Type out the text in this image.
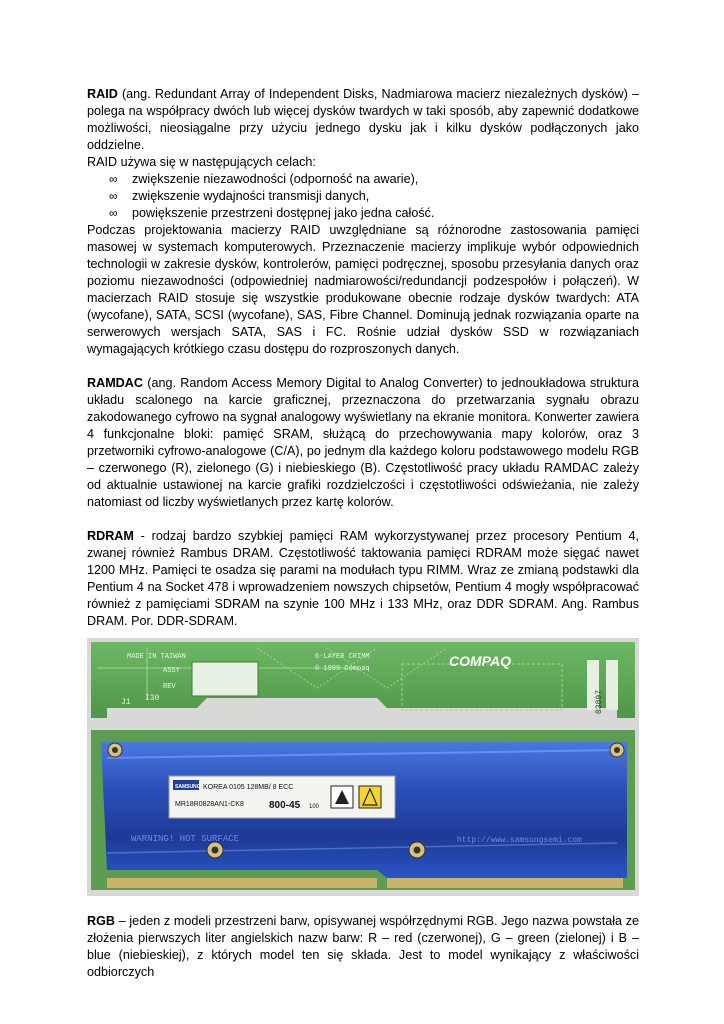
RAID (ang. Redundant Array of Independent Disks, Nadmiarowa macierz niezależnych dysków) – polega na współpracy dwóch lub więcej dysków twardych w taki sposób, aby zapewnić dodatkowe możliwości, nieosiągalne przy użyciu jednego dysku jak i kilku dysków podłączonych jako oddzielne.

RAID używa się w następujących celach:

∞ zwiększenie niezawodności (odporność na awarie),
∞ zwiększenie wydajności transmisji danych,
∞ powiększenie przestrzeni dostępnej jako jedna całość.

Podczas projektowania macierzy RAID uwzględniane są różnorodne zastosowania pamięci masowej w systemach komputerowych. Przeznaczenie macierzy implikuje wybór odpowiednich technologii w zakresie dysków, kontrolerów, pamięci podręcznej, sposobu przesyłania danych oraz poziomu niezawodności (odpowiedniej nadmiarowości/redundancji podzespołów i połączeń). W macierzach RAID stosuje się wszystkie produkowane obecnie rodzaje dysków twardych: ATA (wycofane), SATA, SCSI (wycofane), SAS, Fibre Channel. Dominują jednak rozwiązania oparte na serwerowych wersjach SATA, SAS i FC. Rośnie udział dysków SSD w rozwiązaniach wymagających krótkiego czasu dostępu do rozproszonych danych.

RAMDAC (ang. Random Access Memory Digital to Analog Converter) to jednoukładowa struktura układu scalonego na karcie graficznej, przeznaczona do przetwarzania sygnału obrazu zakodowanego cyfrowo na sygnał analogowy wyświetlany na ekranie monitora. Konwerter zawiera 4 funkcjonalne bloki: pamięć SRAM, służącą do przechowywania mapy kolorów, oraz 3 przetworniki cyfrowo-analogowe (C/A), po jednym dla każdego koloru podstawowego modelu RGB – czerwonego (R), zielonego (G) i niebieskiego (B). Częstotliwość pracy układu RAMDAC zależy od aktualnie ustawionej na karcie grafiki rozdzielczości i częstotliwości odświeżania, nie zależy natomiast od liczby wyświetlanych przez kartę kolorów.

RDRAM - rodzaj bardzo szybkiej pamięci RAM wykorzystywanej przez procesory Pentium 4, zwanej również Rambus DRAM. Częstotliwość taktowania pamięci RDRAM może sięgać nawet 1200 MHz. Pamięci te osadza się parami na modułach typu RIMM. Wraz ze zmianą podstawki dla Pentium 4 na Socket 478 i wprowadzeniem nowszych chipsetów, Pentium 4 mogły współpracować również z pamięciami SDRAM na szynie 100 MHz i 133 MHz, oraz DDR SDRAM. Ang. Rambus DRAM. Por. DDR-SDRAM.

MADE IN TAIWAN
ASSY
REV
J1 I30
6-LAYER CRIMM
© 1999 Compaq	COMPAQ
03897
WARNING! HOT SURFACE	http://www.samsungsemi.com
SAMSUNG KOREA 0105 128MB/ 8 ECC
MR18R0828AN1-CK8	800-45 100

RGB – jeden z modeli przestrzeni barw, opisywanej współrzędnymi RGB. Jego nazwa powstała ze złożenia pierwszych liter angielskich nazw barw: R – red (czerwonej), G – green (zielonej) i B – blue (niebieskiej), z których model ten się składa. Jest to model wynikający z właściwości odbiorczych
